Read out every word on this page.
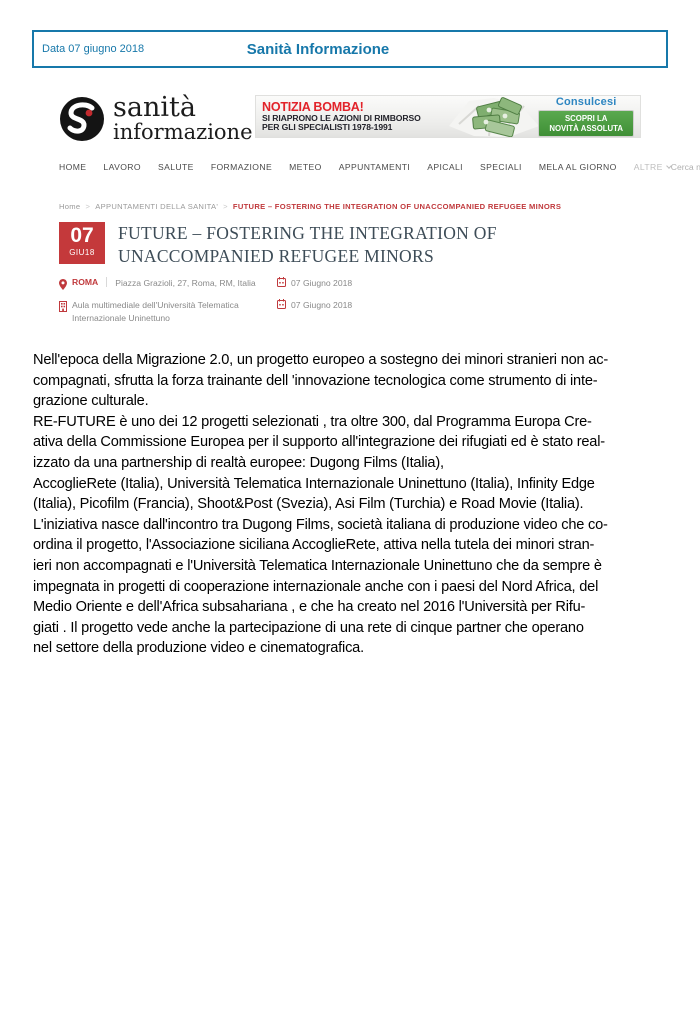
Data 07 giugno 2018	Sanità Informazione
sanità
informazione
NOTIZIA BOMBA!
SI RIAPRONO LE AZIONI DI RIMBORSO
PER GLI SPECIALISTI 1978-1991
Consulcesi
SCOPRI LA
NOVITÀ ASSOLUTA
HOME LAVORO SALUTE FORMAZIONE METEO APPUNTAMENTI APICALI SPECIALI MELA AL GIORNO ALTRE
Cerca nel sito...
Home > APPUNTAMENTI DELLA SANITA' > FUTURE – FOSTERING THE INTEGRATION OF UNACCOMPANIED REFUGEE MINORS
07
GIU18
FUTURE – FOSTERING THE INTEGRATION OF UNACCOMPANIED REFUGEE MINORS
ROMA Piazza Grazioli, 27, Roma, RM, Italia	07 Giugno 2018
Aula multimediale dell'Università Telematica Internazionale Uninettuno
07 Giugno 2018
Nell'epoca della Migrazione 2.0, un progetto europeo a sostegno dei minori stranieri non ac-
compagnati, sfrutta la forza trainante dell 'innovazione tecnologica come strumento di inte-
grazione culturale.
RE-FUTURE è uno dei 12 progetti selezionati , tra oltre 300, dal Programma Europa Cre-
ativa della Commissione Europea per il supporto all'integrazione dei rifugiati ed è stato real-
izzato da una partnership di realtà europee: Dugong Films (Italia),
AccoglieRete (Italia), Università Telematica Internazionale Uninettuno (Italia), Infinity Edge
(Italia), Picofilm (Francia), Shoot&Post (Svezia), Asi Film (Turchia) e Road Movie (Italia).
L'iniziativa nasce dall'incontro tra Dugong Films, società italiana di produzione video che co-
ordina il progetto, l'Associazione siciliana AccoglieRete, attiva nella tutela dei minori stran-
ieri non accompagnati e l'Università Telematica Internazionale Uninettuno che da sempre è
impegnata in progetti di cooperazione internazionale anche con i paesi del Nord Africa, del
Medio Oriente e dell'Africa subsahariana , e che ha creato nel 2016 l'Università per Rifu-
giati . Il progetto vede anche la partecipazione di una rete di cinque partner che operano
nel settore della produzione video e cinematografica.
